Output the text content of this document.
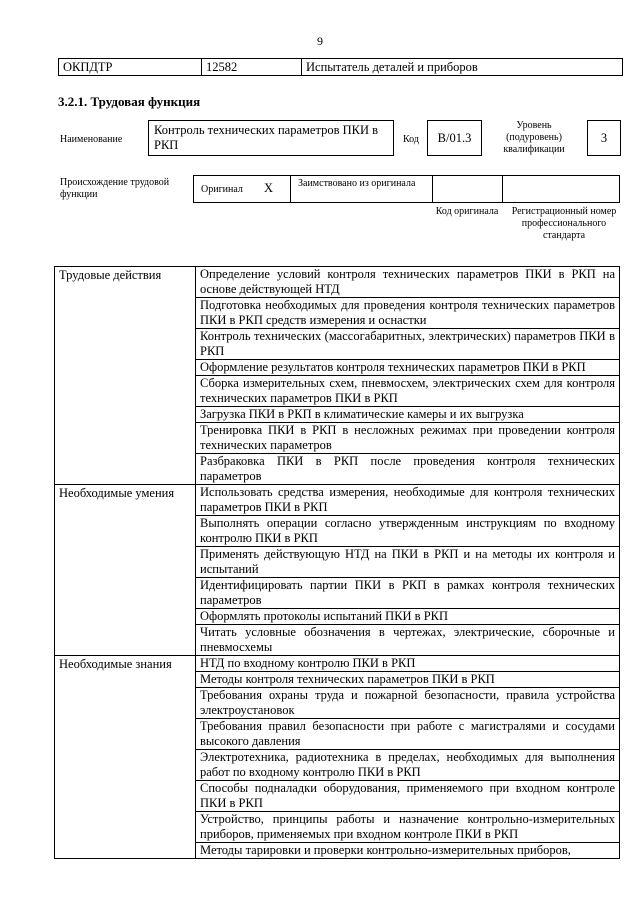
9
ОКПДТР	12582	Испытатель деталей и приборов
3.2.1. Трудовая функция
Наименование
Контроль технических параметров ПКИ в РКП	Код	B/01.3
Уровень (подуровень) квалификации
3
Происхождение трудовой функции	Оригинал X Заимствовано из оригинала
Код оригинала	Регистрационный номер профессионального стандарта
Трудовые действия	Определение условий контроля технических параметров ПКИ в РКП на основе действующей НТД
	Подготовка необходимых для проведения контроля технических параметров ПКИ в РКП средств измерения и оснастки
	Контроль технических (массогабаритных, электрических) параметров ПКИ в РКП
	Оформление результатов контроля технических параметров ПКИ в РКП
	Сборка измерительных схем, пневмосхем, электрических схем для контроля технических параметров ПКИ в РКП
	Загрузка ПКИ в РКП в климатические камеры и их выгрузка
	Тренировка ПКИ в РКП в несложных режимах при проведении контроля технических параметров
	Разбраковка ПКИ в РКП после проведения контроля технических параметров
Необходимые умения	Использовать средства измерения, необходимые для контроля технических параметров ПКИ в РКП
	Выполнять операции согласно утвержденным инструкциям по входному контролю ПКИ в РКП
	Применять действующую НТД на ПКИ в РКП и на методы их контроля и испытаний
	Идентифицировать партии ПКИ в РКП в рамках контроля технических параметров
	Оформлять протоколы испытаний ПКИ в РКП
	Читать условные обозначения в чертежах, электрические, сборочные и пневмосхемы
Необходимые знания	НТД по входному контролю ПКИ в РКП
	Методы контроля технических параметров ПКИ в РКП
	Требования охраны труда и пожарной безопасности, правила устройства электроустановок
	Требования правил безопасности при работе с магистралями и сосудами высокого давления
	Электротехника, радиотехника в пределах, необходимых для выполнения работ по входному контролю ПКИ в РКП
	Способы подналадки оборудования, применяемого при входном контроле ПКИ в РКП
	Устройство, принципы работы и назначение контрольно-измерительных приборов, применяемых при входном контроле ПКИ в РКП
	Методы тарировки и проверки контрольно-измерительных приборов,
